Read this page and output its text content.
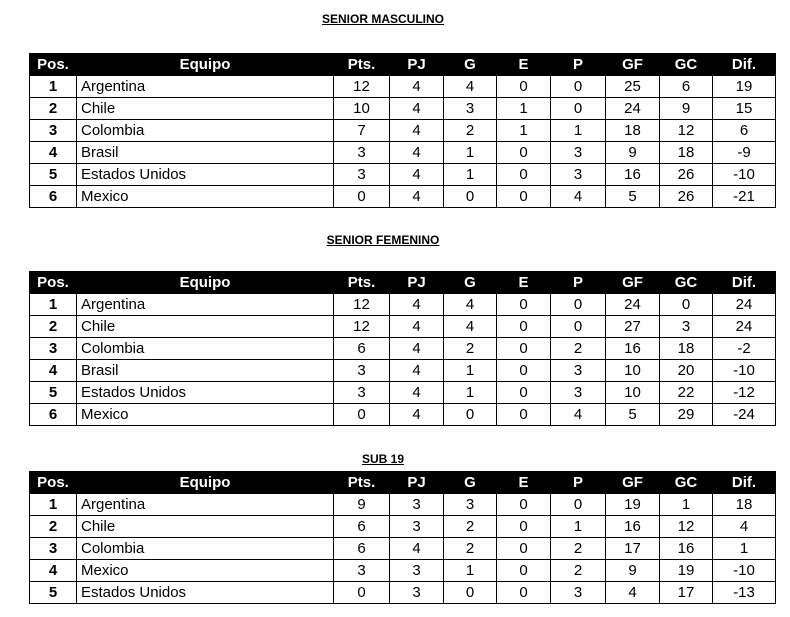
SENIOR MASCULINO
Pos.	Equipo	Pts.	PJ	G	E	P	GF	GC	Dif.
1	Argentina	12	4	4	0	0	25	6	19
2	Chile	10	4	3	1	0	24	9	15
3	Colombia	7	4	2	1	1	18	12	6
4	Brasil	3	4	1	0	3	9	18	-9
5	Estados Unidos	3	4	1	0	3	16	26	-10
6	Mexico	0	4	0	0	4	5	26	-21
SENIOR FEMENINO
Pos.	Equipo	Pts.	PJ	G	E	P	GF	GC	Dif.
1	Argentina	12	4	4	0	0	24	0	24
2	Chile	12	4	4	0	0	27	3	24
3	Colombia	6	4	2	0	2	16	18	-2
4	Brasil	3	4	1	0	3	10	20	-10
5	Estados Unidos	3	4	1	0	3	10	22	-12
6	Mexico	0	4	0	0	4	5	29	-24
SUB 19
Pos.	Equipo	Pts.	PJ	G	E	P	GF	GC	Dif.
1	Argentina	9	3	3	0	0	19	1	18
2	Chile	6	3	2	0	1	16	12	4
3	Colombia	6	4	2	0	2	17	16	1
4	Mexico	3	3	1	0	2	9	19	-10
5	Estados Unidos	0	3	0	0	3	4	17	-13
